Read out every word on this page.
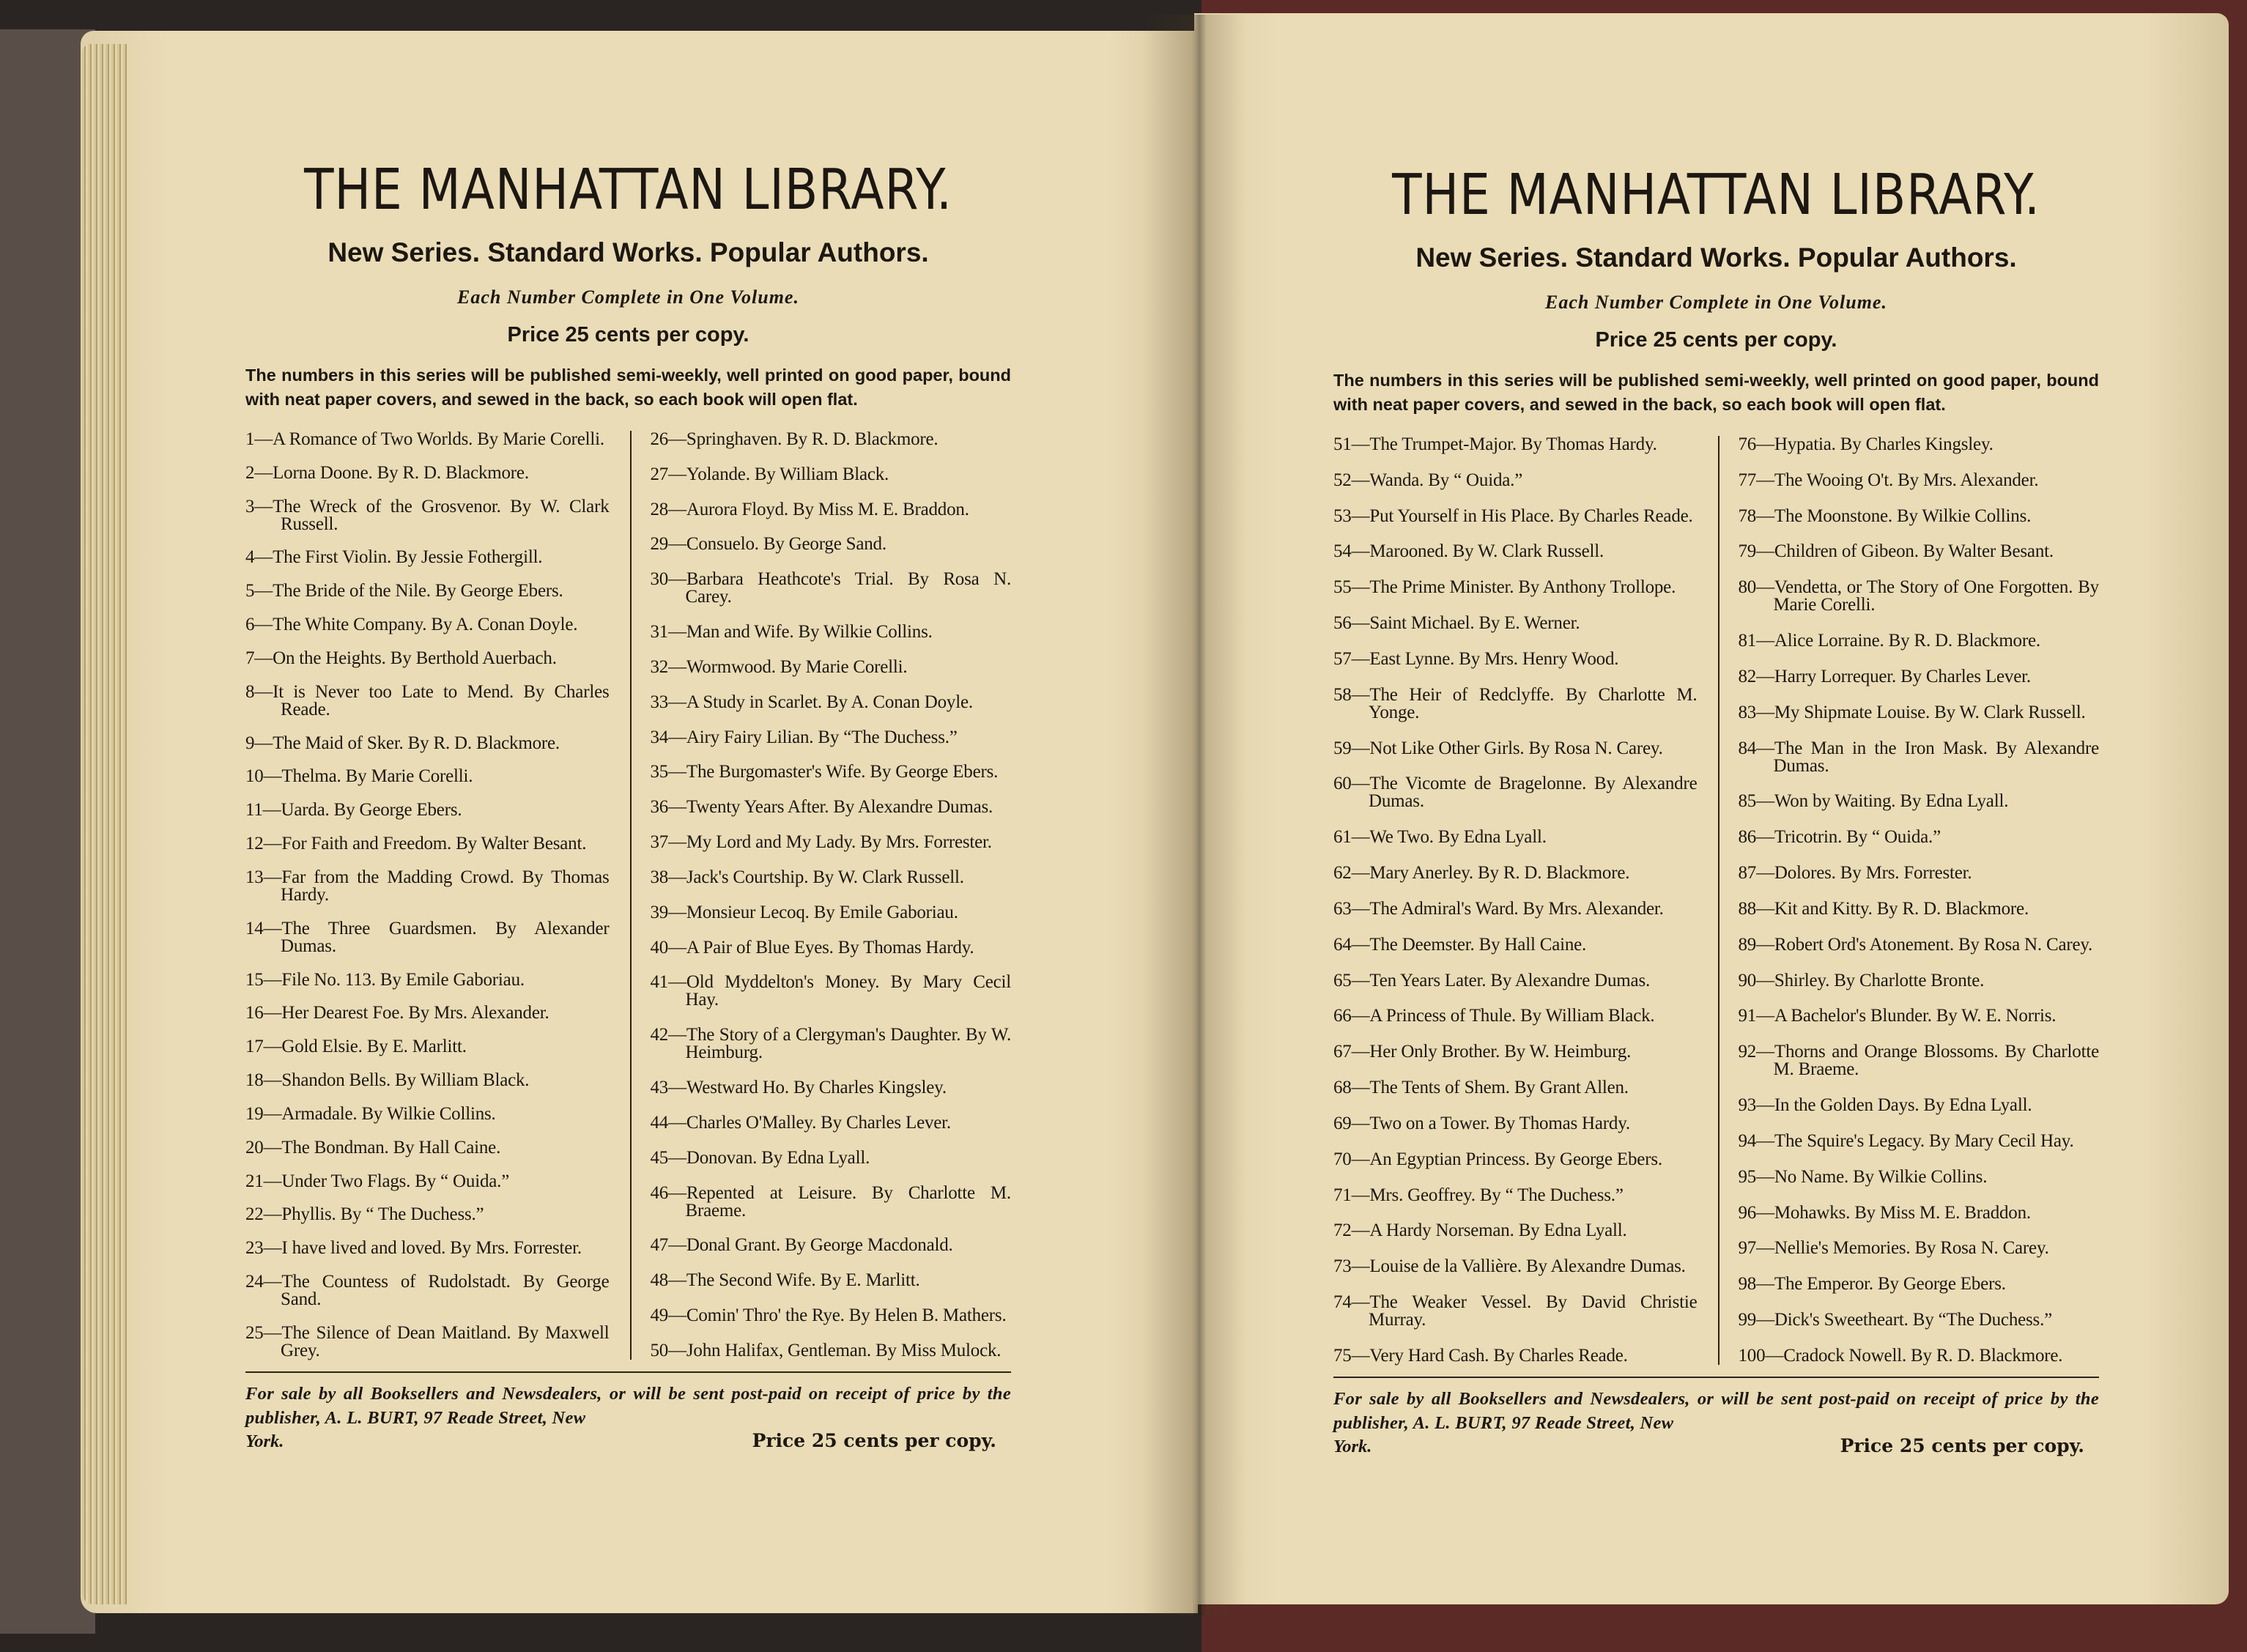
THE MANHATTAN LIBRARY.
New Series. Standard Works. Popular Authors.
Each Number Complete in One Volume.
Price 25 cents per copy.
The numbers in this series will be published semi-weekly, well printed on good paper, bound with neat paper covers, and sewed in the back, so each book will open flat.
1—A Romance of Two Worlds. By Marie Corelli.
2—Lorna Doone. By R. D. Blackmore.
3—The Wreck of the Grosvenor. By W. Clark Russell.
4—The First Violin. By Jessie Fothergill.
5—The Bride of the Nile. By George Ebers.
6—The White Company. By A. Conan Doyle.
7—On the Heights. By Berthold Auerbach.
8—It is Never too Late to Mend. By Charles Reade.
9—The Maid of Sker. By R. D. Blackmore.
10—Thelma. By Marie Corelli.
11—Uarda. By George Ebers.
12—For Faith and Freedom. By Walter Besant.
13—Far from the Madding Crowd. By Thomas Hardy.
14—The Three Guardsmen. By Alexander Dumas.
15—File No. 113. By Emile Gaboriau.
16—Her Dearest Foe. By Mrs. Alexander.
17—Gold Elsie. By E. Marlitt.
18—Shandon Bells. By William Black.
19—Armadale. By Wilkie Collins.
20—The Bondman. By Hall Caine.
21—Under Two Flags. By “ Ouida.”
22—Phyllis. By “ The Duchess.”
23—I have lived and loved. By Mrs. Forrester.
24—The Countess of Rudolstadt. By George Sand.
25—The Silence of Dean Maitland. By Maxwell Grey.
26—Springhaven. By R. D. Blackmore.
27—Yolande. By William Black.
28—Aurora Floyd. By Miss M. E. Braddon.
29—Consuelo. By George Sand.
30—Barbara Heathcote's Trial. By Rosa N. Carey.
31—Man and Wife. By Wilkie Collins.
32—Wormwood. By Marie Corelli.
33—A Study in Scarlet. By A. Conan Doyle.
34—Airy Fairy Lilian. By “The Duchess.”
35—The Burgomaster's Wife. By George Ebers.
36—Twenty Years After. By Alexandre Dumas.
37—My Lord and My Lady. By Mrs. Forrester.
38—Jack's Courtship. By W. Clark Russell.
39—Monsieur Lecoq. By Emile Gaboriau.
40—A Pair of Blue Eyes. By Thomas Hardy.
41—Old Myddelton's Money. By Mary Cecil Hay.
42—The Story of a Clergyman's Daughter. By W. Heimburg.
43—Westward Ho. By Charles Kingsley.
44—Charles O'Malley. By Charles Lever.
45—Donovan. By Edna Lyall.
46—Repented at Leisure. By Charlotte M. Braeme.
47—Donal Grant. By George Macdonald.
48—The Second Wife. By E. Marlitt.
49—Comin' Thro' the Rye. By Helen B. Mathers.
50—John Halifax, Gentleman. By Miss Mulock.
For sale by all Booksellers and Newsdealers, or will be sent post-paid on receipt of price by the publisher, A. L. BURT, 97 Reade Street, New
York.	Price 25 cents per copy.
THE MANHATTAN LIBRARY.
New Series. Standard Works. Popular Authors.
Each Number Complete in One Volume.
Price 25 cents per copy.
The numbers in this series will be published semi-weekly, well printed on good paper, bound with neat paper covers, and sewed in the back, so each book will open flat.
51—The Trumpet-Major. By Thomas Hardy.
52—Wanda. By “ Ouida.”
53—Put Yourself in His Place. By Charles Reade.
54—Marooned. By W. Clark Russell.
55—The Prime Minister. By Anthony Trollope.
56—Saint Michael. By E. Werner.
57—East Lynne. By Mrs. Henry Wood.
58—The Heir of Redclyffe. By Charlotte M. Yonge.
59—Not Like Other Girls. By Rosa N. Carey.
60—The Vicomte de Bragelonne. By Alexandre Dumas.
61—We Two. By Edna Lyall.
62—Mary Anerley. By R. D. Blackmore.
63—The Admiral's Ward. By Mrs. Alexander.
64—The Deemster. By Hall Caine.
65—Ten Years Later. By Alexandre Dumas.
66—A Princess of Thule. By William Black.
67—Her Only Brother. By W. Heimburg.
68—The Tents of Shem. By Grant Allen.
69—Two on a Tower. By Thomas Hardy.
70—An Egyptian Princess. By George Ebers.
71—Mrs. Geoffrey. By “ The Duchess.”
72—A Hardy Norseman. By Edna Lyall.
73—Louise de la Vallière. By Alexandre Dumas.
74—The Weaker Vessel. By David Christie Murray.
75—Very Hard Cash. By Charles Reade.
76—Hypatia. By Charles Kingsley.
77—The Wooing O't. By Mrs. Alexander.
78—The Moonstone. By Wilkie Collins.
79—Children of Gibeon. By Walter Besant.
80—Vendetta, or The Story of One Forgotten. By Marie Corelli.
81—Alice Lorraine. By R. D. Blackmore.
82—Harry Lorrequer. By Charles Lever.
83—My Shipmate Louise. By W. Clark Russell.
84—The Man in the Iron Mask. By Alexandre Dumas.
85—Won by Waiting. By Edna Lyall.
86—Tricotrin. By “ Ouida.”
87—Dolores. By Mrs. Forrester.
88—Kit and Kitty. By R. D. Blackmore.
89—Robert Ord's Atonement. By Rosa N. Carey.
90—Shirley. By Charlotte Bronte.
91—A Bachelor's Blunder. By W. E. Norris.
92—Thorns and Orange Blossoms. By Charlotte M. Braeme.
93—In the Golden Days. By Edna Lyall.
94—The Squire's Legacy. By Mary Cecil Hay.
95—No Name. By Wilkie Collins.
96—Mohawks. By Miss M. E. Braddon.
97—Nellie's Memories. By Rosa N. Carey.
98—The Emperor. By George Ebers.
99—Dick's Sweetheart. By “The Duchess.”
100—Cradock Nowell. By R. D. Blackmore.
For sale by all Booksellers and Newsdealers, or will be sent post-paid on receipt of price by the publisher, A. L. BURT, 97 Reade Street, New
York.	Price 25 cents per copy.
